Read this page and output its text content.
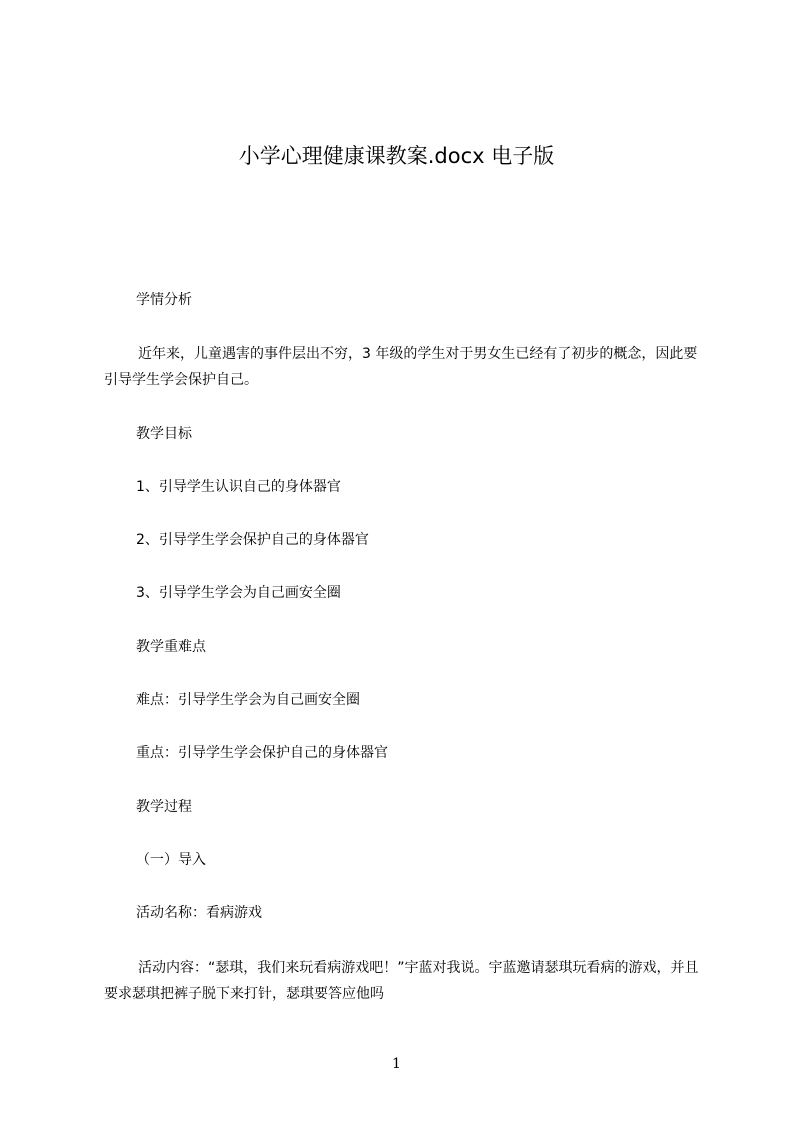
小学心理健康课教案.docx 电子版
学情分析
近年来，儿童遇害的事件层出不穷，3 年级的学生对于男女生已经有了初步的概念，因此要引导学生学会保护自己。
教学目标
1、引导学生认识自己的身体器官
2、引导学生学会保护自己的身体器官
3、引导学生学会为自己画安全圈
教学重难点
难点：引导学生学会为自己画安全圈
重点：引导学生学会保护自己的身体器官
教学过程
（一）导入
活动名称：看病游戏
活动内容：“瑟琪，我们来玩看病游戏吧！”宇蓝对我说。宇蓝邀请瑟琪玩看病的游戏，并且要求瑟琪把裤子脱下来打针，瑟琪要答应他吗
1
